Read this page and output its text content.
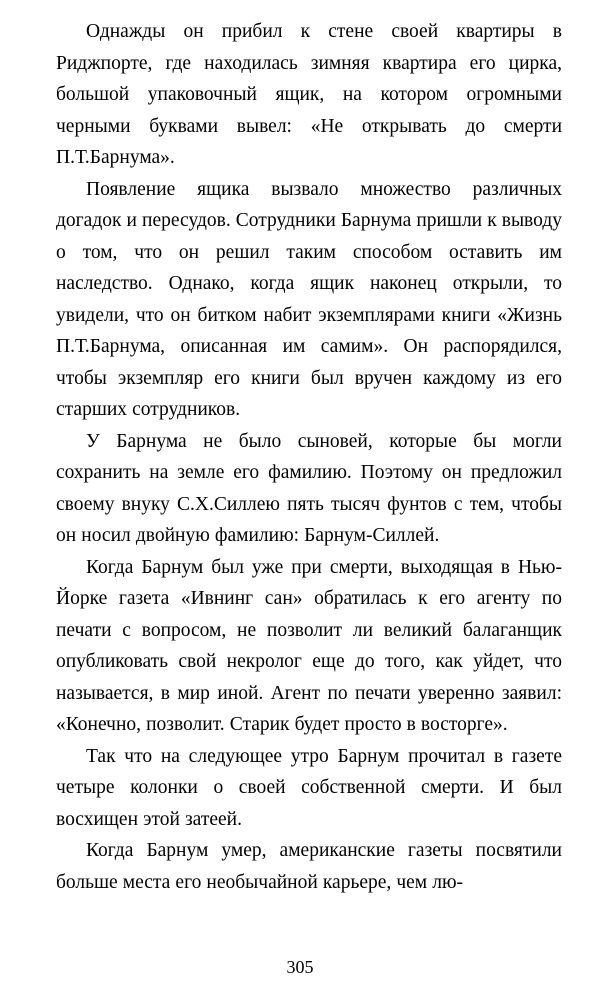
Однажды он прибил к стене своей квартиры в Риджпорте, где находилась зимняя квартира его цирка, большой упаковочный ящик, на котором огромными черными буквами вывел: «Не открывать до смерти П.Т.Барнума».

Появление ящика вызвало множество различных догадок и пересудов. Сотрудники Барнума пришли к выводу о том, что он решил таким способом оставить им наследство. Однако, когда ящик наконец открыли, то увидели, что он битком набит экземплярами книги «Жизнь П.Т.Барнума, описанная им самим». Он распорядился, чтобы экземпляр его книги был вручен каждому из его старших сотрудников.

У Барнума не было сыновей, которые бы могли сохранить на земле его фамилию. Поэтому он предложил своему внуку С.Х.Силлею пять тысяч фунтов с тем, чтобы он носил двойную фамилию: Барнум-Силлей.

Когда Барнум был уже при смерти, выходящая в Нью-Йорке газета «Ивнинг сан» обратилась к его агенту по печати с вопросом, не позволит ли великий балаганщик опубликовать свой некролог еще до того, как уйдет, что называется, в мир иной. Агент по печати уверенно заявил: «Конечно, позволит. Старик будет просто в восторге».

Так что на следующее утро Барнум прочитал в газете четыре колонки о своей собственной смерти. И был восхищен этой затеей.

Когда Барнум умер, американские газеты посвятили больше места его необычайной карьере, чем лю-

305
